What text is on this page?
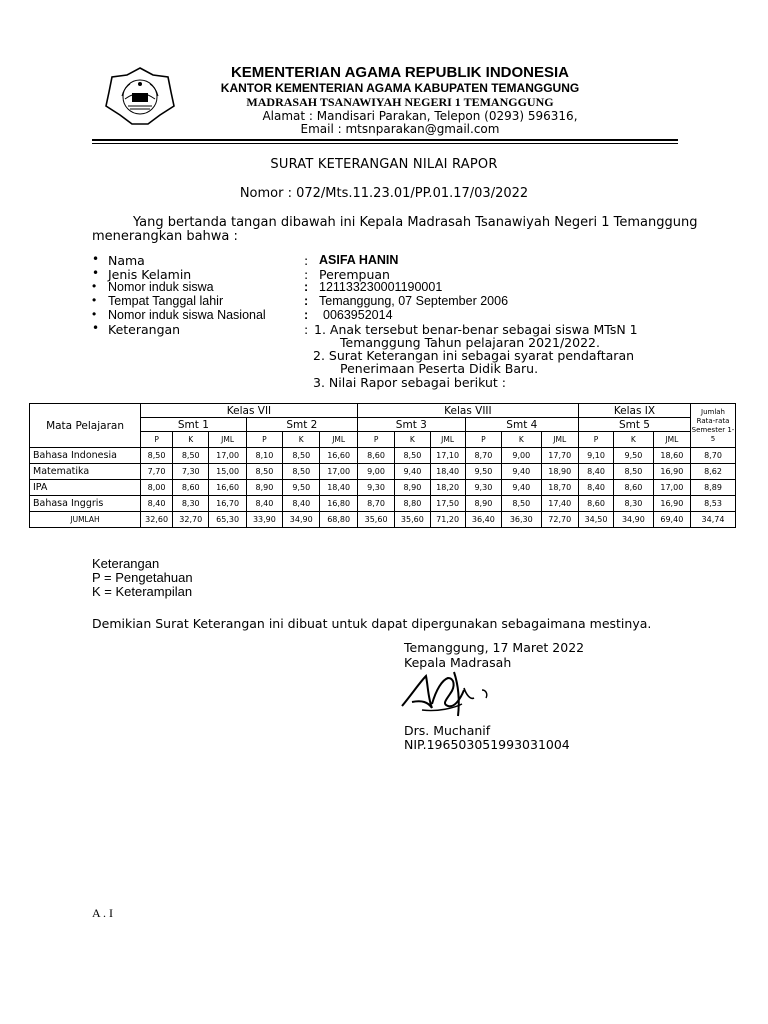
KEMENTERIAN AGAMA REPUBLIK INDONESIA
KANTOR KEMENTERIAN AGAMA KABUPATEN TEMANGGUNG
MADRASAH TSANAWIYAH NEGERI 1 TEMANGGUNG
Alamat : Mandisari Parakan, Telepon (0293) 596316,
Email : mtsnparakan@gmail.com
SURAT KETERANGAN NILAI RAPOR
Nomor : 072/Mts.11.23.01/PP.01.17/03/2022
Yang bertanda tangan dibawah ini Kepala Madrasah Tsanawiyah Negeri 1 Temanggung
menerangkan bahwa :
• Nama	: ASIFA HANIN
• Jenis Kelamin	: Perempuan
• Nomor induk siswa	: 121133230001190001
• Tempat Tanggal lahir	: Temanggung, 07 September 2006
• Nomor induk siswa Nasional	: 0063952014
• Keterangan	: 1. Anak tersebut benar-benar sebagai siswa MTsN 1
Temanggung Tahun pelajaran 2021/2022.
2. Surat Keterangan ini sebagai syarat pendaftaran
Penerimaan Peserta Didik Baru.
3. Nilai Rapor sebagai berikut :
Mata Pelajaran	Kelas VII						Kelas VIII						Kelas IX			Jumlah Rata-rata Semester 1-5
	Smt 1			Smt 2			Smt 3			Smt 4			Smt 5			
	P	K	JML	P	K	JML	P	K	JML	P	K	JML	P	K	JML	
Bahasa Indonesia	8,50	8,50	17,00	8,10	8,50	16,60	8,60	8,50	17,10	8,70	9,00	17,70	9,10	9,50	18,60	8,70
Matematika	7,70	7,30	15,00	8,50	8,50	17,00	9,00	9,40	18,40	9,50	9,40	18,90	8,40	8,50	16,90	8,62
IPA	8,00	8,60	16,60	8,90	9,50	18,40	9,30	8,90	18,20	9,30	9,40	18,70	8,40	8,60	17,00	8,89
Bahasa Inggris	8,40	8,30	16,70	8,40	8,40	16,80	8,70	8,80	17,50	8,90	8,50	17,40	8,60	8,30	16,90	8,53
JUMLAH	32,60	32,70	65,30	33,90	34,90	68,80	35,60	35,60	71,20	36,40	36,30	72,70	34,50	34,90	69,40	34,74
Keterangan
P = Pengetahuan
K = Keterampilan
Demikian Surat Keterangan ini dibuat untuk dapat dipergunakan sebagaimana mestinya.
Temanggung, 17 Maret 2022
Kepala Madrasah
Drs. Muchanif
NIP.196503051993031004
A . I
